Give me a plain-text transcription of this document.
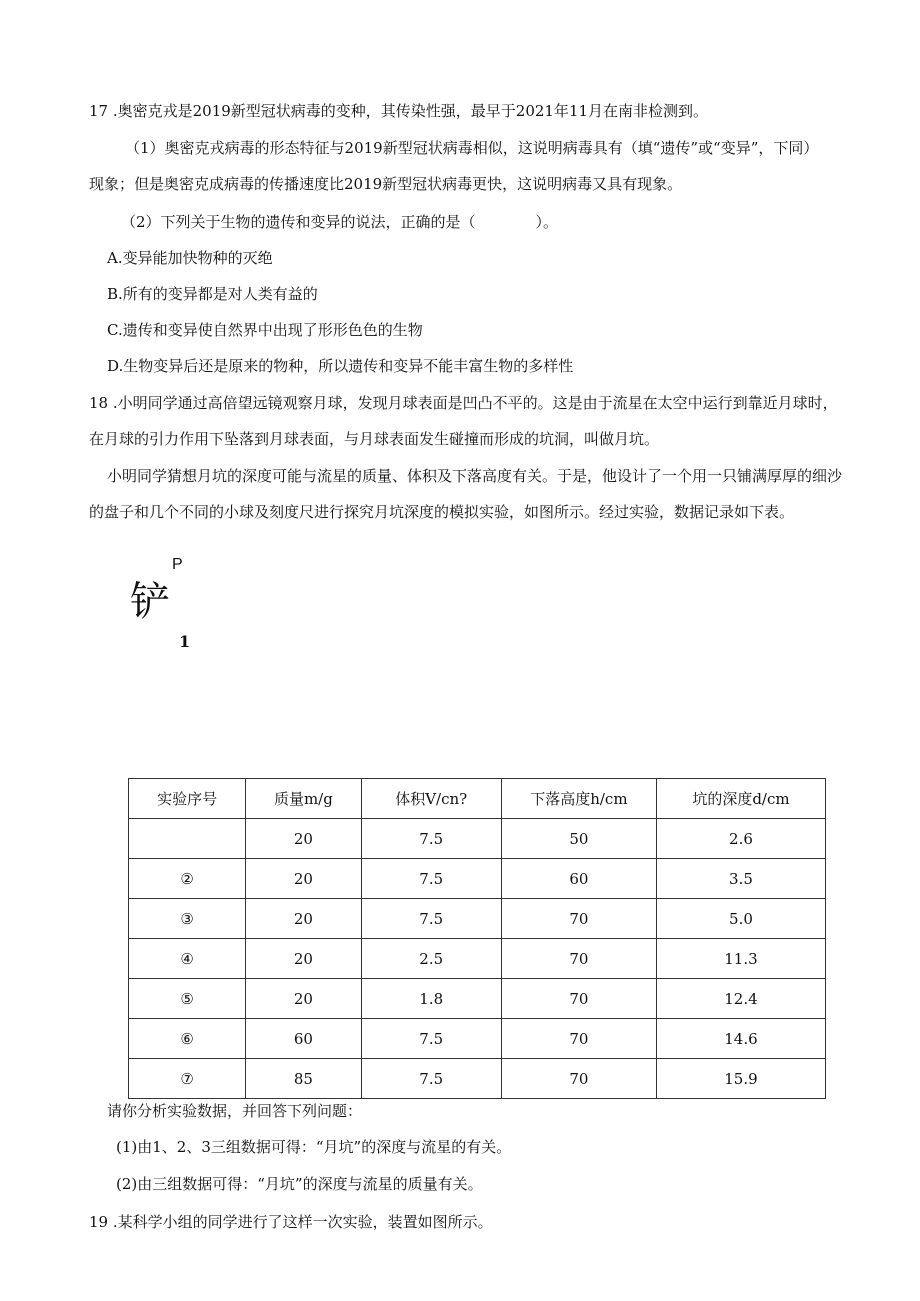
17 .奥密克戎是2019新型冠状病毒的变种，其传染性强，最早于2021年11月在南非检测到。
（1）奥密克戎病毒的形态特征与2019新型冠状病毒相似，这说明病毒具有（填“遗传”或“变异”，下同）
现象；但是奥密克成病毒的传播速度比2019新型冠状病毒更快，这说明病毒又具有现象。
（2）下列关于生物的遗传和变异的说法，正确的是（　　　　）。
A.变异能加快物种的灭绝
B.所有的变异都是对人类有益的
C.遗传和变异使自然界中出现了形形色色的生物
D.生物变异后还是原来的物种，所以遗传和变异不能丰富生物的多样性
18 .小明同学通过高倍望远镜观察月球，发现月球表面是凹凸不平的。这是由于流星在太空中运行到靠近月球时，
在月球的引力作用下坠落到月球表面，与月球表面发生碰撞而形成的坑洞，叫做月坑。
小明同学猜想月坑的深度可能与流星的质量、体积及下落高度有关。于是，他设计了一个用一只铺满厚厚的细沙
的盘子和几个不同的小球及刻度尺进行探究月坑深度的模拟实验，如图所示。经过实验，数据记录如下表。
P
铲
1
实验序号	质量m/g	体积V/cn?	下落高度h/cm	坑的深度d/cm
	20	7.5	50	2.6
②	20	7.5	60	3.5
③	20	7.5	70	5.0
④	20	2.5	70	11.3
⑤	20	1.8	70	12.4
⑥	60	7.5	70	14.6
⑦	85	7.5	70	15.9
请你分析实验数据，并回答下列问题：
(1)由1、2、3三组数据可得：“月坑”的深度与流星的有关。
(2)由三组数据可得：“月坑”的深度与流星的质量有关。
19 .某科学小组的同学进行了这样一次实验，装置如图所示。
